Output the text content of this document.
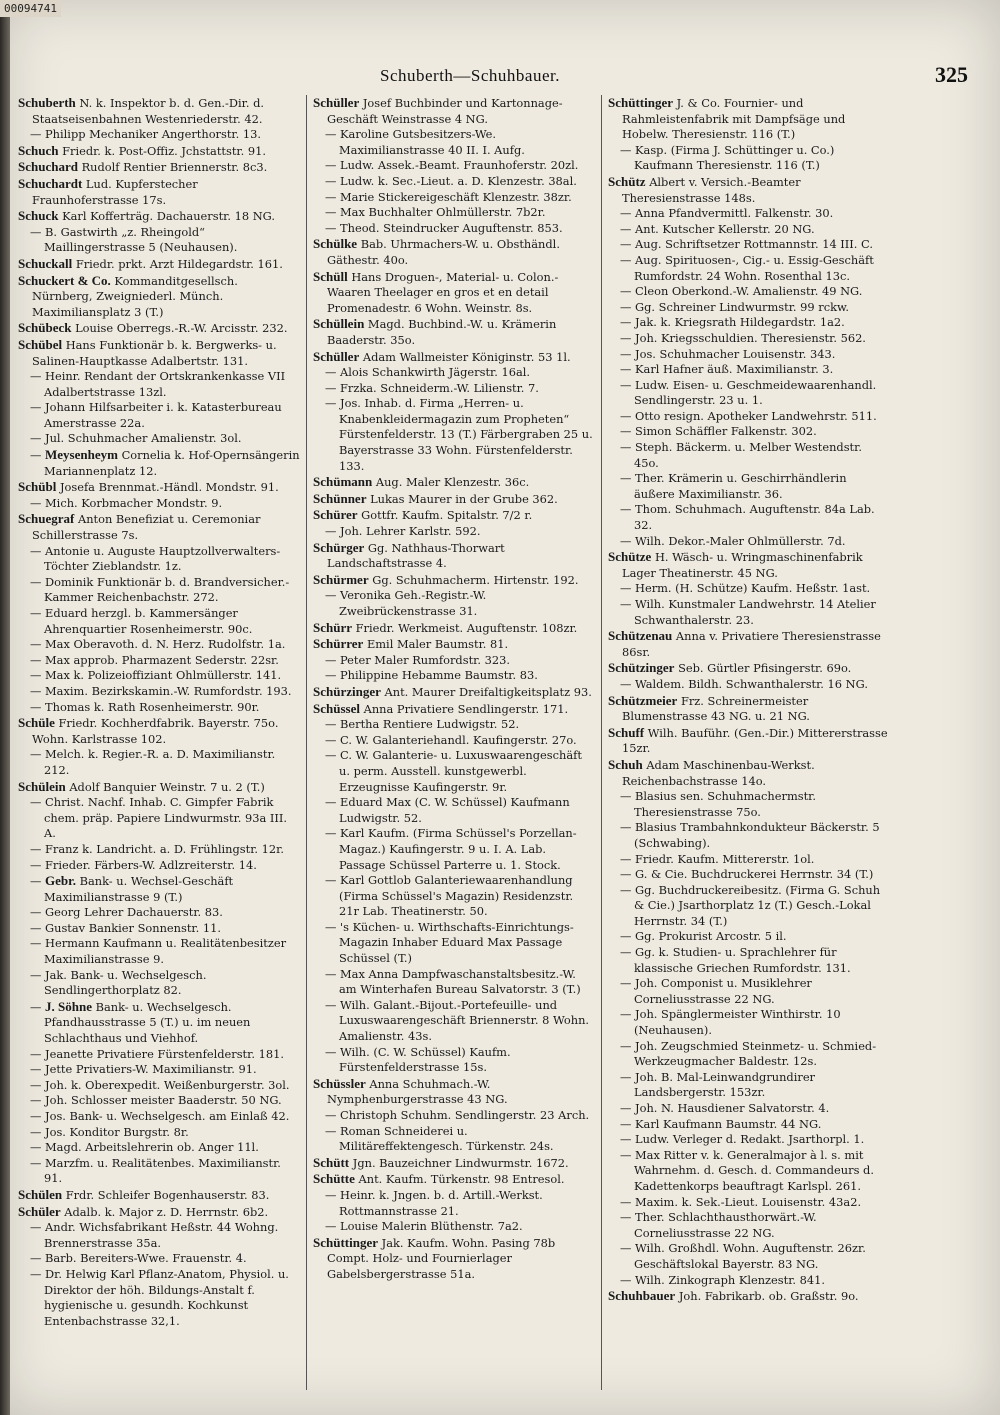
00094741
Schuberth—Schuhbauer.	325

Schuberth N. k. Inspektor b. d. Gen.-Dir. d. Staatseisenbahnen Westenriederstr. 42.

— Philipp Mechaniker Angerthorstr. 13.

Schuch Friedr. k. Post-Offiz. Jchstattstr. 91.

Schuchard Rudolf Rentier Briennerstr. 8c3.

Schuchardt Lud. Kupferstecher Fraunhoferstrasse 17s.

Schuck Karl Kofferträg. Dachauerstr. 18 NG.

— B. Gastwirth „z. Rheingold“ Maillingerstrasse 5 (Neuhausen).

Schuckall Friedr. prkt. Arzt Hildegardstr. 161.

Schuckert & Co. Kommanditgesellsch. Nürnberg, Zweigniederl. Münch. Maximiliansplatz 3 (T.)

Schübeck Louise Oberregs.-R.-W. Arcisstr. 232.

Schübel Hans Funktionär b. k. Bergwerks- u. Salinen-Hauptkasse Adalbertstr. 131.

— Heinr. Rendant der Ortskrankenkasse VII Adalbertstrasse 13zl.

— Johann Hilfsarbeiter i. k. Katasterbureau Amerstrasse 22a.

— Jul. Schuhmacher Amalienstr. 3ol.

— Meysenheym Cornelia k. Hof-Opernsängerin Mariannenplatz 12.

Schübl Josefa Brennmat.-Händl. Mondstr. 91.

— Mich. Korbmacher Mondstr. 9.

Schuegraf Anton Benefiziat u. Ceremoniar Schillerstrasse 7s.

— Antonie u. Auguste Hauptzollverwalters-Töchter Zieblandstr. 1z.

— Dominik Funktionär b. d. Brandversicher.-Kammer Reichenbachstr. 272.

— Eduard herzgl. b. Kammersänger Ahrenquartier Rosenheimerstr. 90c.

— Max Oberavoth. d. N. Herz. Rudolfstr. 1a.

— Max approb. Pharmazent Sederstr. 22sr.

— Max k. Polizeioffiziant Ohlmüllerstr. 141.

— Maxim. Bezirkskamin.-W. Rumfordstr. 193.

— Thomas k. Rath Rosenheimerstr. 90r.

Schüle Friedr. Kochherdfabrik. Bayerstr. 75o. Wohn. Karlstrasse 102.

— Melch. k. Regier.-R. a. D. Maximilianstr. 212.

Schülein Adolf Banquier Weinstr. 7 u. 2 (T.)

— Christ. Nachf. Inhab. C. Gimpfer Fabrik chem. präp. Papiere Lindwurmstr. 93a III. A.

— Franz k. Landricht. a. D. Frühlingstr. 12r.

— Frieder. Färbers-W. Adlzreiterstr. 14.

— Gebr. Bank- u. Wechsel-Geschäft Maximilianstrasse 9 (T.)

— Georg Lehrer Dachauerstr. 83.

— Gustav Bankier Sonnenstr. 11.

— Hermann Kaufmann u. Realitätenbesitzer Maximilianstrasse 9.

— Jak. Bank- u. Wechselgesch. Sendlingerthorplatz 82.

— J. Söhne Bank- u. Wechselgesch. Pfandhausstrasse 5 (T.) u. im neuen Schlachthaus und Viehhof.

— Jeanette Privatiere Fürstenfelderstr. 181.

— Jette Privatiers-W. Maximilianstr. 91.

— Joh. k. Oberexpedit. Weißenburgerstr. 3ol.

— Joh. Schlosser meister Baaderstr. 50 NG.

— Jos. Bank- u. Wechselgesch. am Einlaß 42.

— Jos. Konditor Burgstr. 8r.

— Magd. Arbeitslehrerin ob. Anger 11l.

— Marzfm. u. Realitätenbes. Maximilianstr. 91.

Schülen Frdr. Schleifer Bogenhauserstr. 83.

Schüler Adalb. k. Major z. D. Herrnstr. 6b2.

— Andr. Wichsfabrikant Heßstr. 44 Wohng. Brennerstrasse 35a.

— Barb. Bereiters-Wwe. Frauenstr. 4.

— Dr. Helwig Karl Pflanz-Anatom, Physiol. u. Direktor der höh. Bildungs-Anstalt f. hygienische u. gesundh. Kochkunst Entenbachstrasse 32,1.

Schüller Josef Buchbinder und Kartonnage-Geschäft Weinstrasse 4 NG.

— Karoline Gutsbesitzers-We. Maximilianstrasse 40 II. I. Aufg.

— Ludw. Assek.-Beamt. Fraunhoferstr. 20zl.

— Ludw. k. Sec.-Lieut. a. D. Klenzestr. 38al.

— Marie Stickereigeschäft Klenzestr. 38zr.

— Max Buchhalter Ohlmüllerstr. 7b2r.

— Theod. Steindrucker Auguftenstr. 853.

Schülke Bab. Uhrmachers-W. u. Obsthändl. Gäthestr. 40o.

Schüll Hans Droguen-, Material- u. Colon.-Waaren Theelager en gros et en detail Promenadestr. 6 Wohn. Weinstr. 8s.

Schüllein Magd. Buchbind.-W. u. Krämerin Baaderstr. 35o.

Schüller Adam Wallmeister Königinstr. 53 1l.

— Alois Schankwirth Jägerstr. 16al.

— Frzka. Schneiderm.-W. Lilienstr. 7.

— Jos. Inhab. d. Firma „Herren- u. Knabenkleidermagazin zum Propheten“ Fürstenfelderstr. 13 (T.) Färbergraben 25 u. Bayerstrasse 33 Wohn. Fürstenfelderstr. 133.

Schümann Aug. Maler Klenzestr. 36c.

Schünner Lukas Maurer in der Grube 362.

Schürer Gottfr. Kaufm. Spitalstr. 7/2 r.

— Joh. Lehrer Karlstr. 592.

Schürger Gg. Nathhaus-Thorwart Landschaftstrasse 4.

Schürmer Gg. Schuhmacherm. Hirtenstr. 192.

— Veronika Geh.-Registr.-W. Zweibrückenstrasse 31.

Schürr Friedr. Werkmeist. Auguftenstr. 108zr.

Schürrer Emil Maler Baumstr. 81.

— Peter Maler Rumfordstr. 323.

— Philippine Hebamme Baumstr. 83.

Schürzinger Ant. Maurer Dreifaltigkeitsplatz 93.

Schüssel Anna Privatiere Sendlingerstr. 171.

— Bertha Rentiere Ludwigstr. 52.

— C. W. Galanteriehandl. Kaufingerstr. 27o.

— C. W. Galanterie- u. Luxuswaarengeschäft u. perm. Ausstell. kunstgewerbl. Erzeugnisse Kaufingerstr. 9r.

— Eduard Max (C. W. Schüssel) Kaufmann Ludwigstr. 52.

— Karl Kaufm. (Firma Schüssel's Porzellan-Magaz.) Kaufingerstr. 9 u. I. A. Lab. Passage Schüssel Parterre u. 1. Stock.

— Karl Gottlob Galanteriewaarenhandlung (Firma Schüssel's Magazin) Residenzstr. 21r Lab. Theatinerstr. 50.

— 's Küchen- u. Wirthschafts-Einrichtungs-Magazin Inhaber Eduard Max Passage Schüssel (T.)

— Max Anna Dampfwaschanstaltsbesitz.-W. am Winterhafen Bureau Salvatorstr. 3 (T.)

— Wilh. Galant.-Bijout.-Portefeuille- und Luxuswaarengeschäft Briennerstr. 8 Wohn. Amalienstr. 43s.

— Wilh. (C. W. Schüssel) Kaufm. Fürstenfelderstrasse 15s.

Schüssler Anna Schuhmach.-W. Nymphenburgerstrasse 43 NG.

— Christoph Schuhm. Sendlingerstr. 23 Arch.

— Roman Schneiderei u. Militäreffektengesch. Türkenstr. 24s.

Schütt Jgn. Bauzeichner Lindwurmstr. 1672.

Schütte Ant. Kaufm. Türkenstr. 98 Entresol.

— Heinr. k. Jngen. b. d. Artill.-Werkst. Rottmannstrasse 21.

— Louise Malerin Blüthenstr. 7a2.

Schüttinger Jak. Kaufm. Wohn. Pasing 78b Compt. Holz- und Fournierlager Gabelsbergerstrasse 51a.

Schüttinger J. & Co. Fournier- und Rahmleistenfabrik mit Dampfsäge und Hobelw. Theresienstr. 116 (T.)

— Kasp. (Firma J. Schüttinger u. Co.) Kaufmann Theresienstr. 116 (T.)

Schütz Albert v. Versich.-Beamter Theresienstrasse 148s.

— Anna Pfandvermittl. Falkenstr. 30.

— Ant. Kutscher Kellerstr. 20 NG.

— Aug. Schriftsetzer Rottmannstr. 14 III. C.

— Aug. Spirituosen-, Cig.- u. Essig-Geschäft Rumfordstr. 24 Wohn. Rosenthal 13c.

— Cleon Oberkond.-W. Amalienstr. 49 NG.

— Gg. Schreiner Lindwurmstr. 99 rckw.

— Jak. k. Kriegsrath Hildegardstr. 1a2.

— Joh. Kriegsschuldien. Theresienstr. 562.

— Jos. Schuhmacher Louisenstr. 343.

— Karl Hafner äuß. Maximilianstr. 3.

— Ludw. Eisen- u. Geschmeidewaarenhandl. Sendlingerstr. 23 u. 1.

— Otto resign. Apotheker Landwehrstr. 511.

— Simon Schäffler Falkenstr. 302.

— Steph. Bäckerm. u. Melber Westendstr. 45o.

— Ther. Krämerin u. Geschirrhändlerin äußere Maximilianstr. 36.

— Thom. Schuhmach. Auguftenstr. 84a Lab. 32.

— Wilh. Dekor.-Maler Ohlmüllerstr. 7d.

Schütze H. Wäsch- u. Wringmaschinenfabrik Lager Theatinerstr. 45 NG.

— Herm. (H. Schütze) Kaufm. Heßstr. 1ast.

— Wilh. Kunstmaler Landwehrstr. 14 Atelier Schwanthalerstr. 23.

Schützenau Anna v. Privatiere Theresienstrasse 86sr.

Schützinger Seb. Gürtler Pfisingerstr. 69o.

— Waldem. Bildh. Schwanthalerstr. 16 NG.

Schützmeier Frz. Schreinermeister Blumenstrasse 43 NG. u. 21 NG.

Schuff Wilh. Bauführ. (Gen.-Dir.) Mittererstrasse 15zr.

Schuh Adam Maschinenbau-Werkst. Reichenbachstrasse 14o.

— Blasius sen. Schuhmachermstr. Theresienstrasse 75o.

— Blasius Trambahnkondukteur Bäckerstr. 5 (Schwabing).

— Friedr. Kaufm. Mittererstr. 1ol.

— G. & Cie. Buchdruckerei Herrnstr. 34 (T.)

— Gg. Buchdruckereibesitz. (Firma G. Schuh & Cie.) Jsarthorplatz 1z (T.) Gesch.-Lokal Herrnstr. 34 (T.)

— Gg. Prokurist Arcostr. 5 il.

— Gg. k. Studien- u. Sprachlehrer für klassische Griechen Rumfordstr. 131.

— Joh. Componist u. Musiklehrer Corneliusstrasse 22 NG.

— Joh. Spänglermeister Winthirstr. 10 (Neuhausen).

— Joh. Zeugschmied Steinmetz- u. Schmied-Werkzeugmacher Baldestr. 12s.

— Joh. B. Mal-Leinwandgrundirer Landsbergerstr. 153zr.

— Joh. N. Hausdiener Salvatorstr. 4.

— Karl Kaufmann Baumstr. 44 NG.

— Ludw. Verleger d. Redakt. Jsarthorpl. 1.

— Max Ritter v. k. Generalmajor à l. s. mit Wahrnehm. d. Gesch. d. Commandeurs d. Kadettenkorps beauftragt Karlspl. 261.

— Maxim. k. Sek.-Lieut. Louisenstr. 43a2.

— Ther. Schlachthausthorwärt.-W. Corneliusstrasse 22 NG.

— Wilh. Großhdl. Wohn. Auguftenstr. 26zr. Geschäftslokal Bayerstr. 83 NG.

— Wilh. Zinkograph Klenzestr. 841.

Schuhbauer Joh. Fabrikarb. ob. Graßstr. 9o.
